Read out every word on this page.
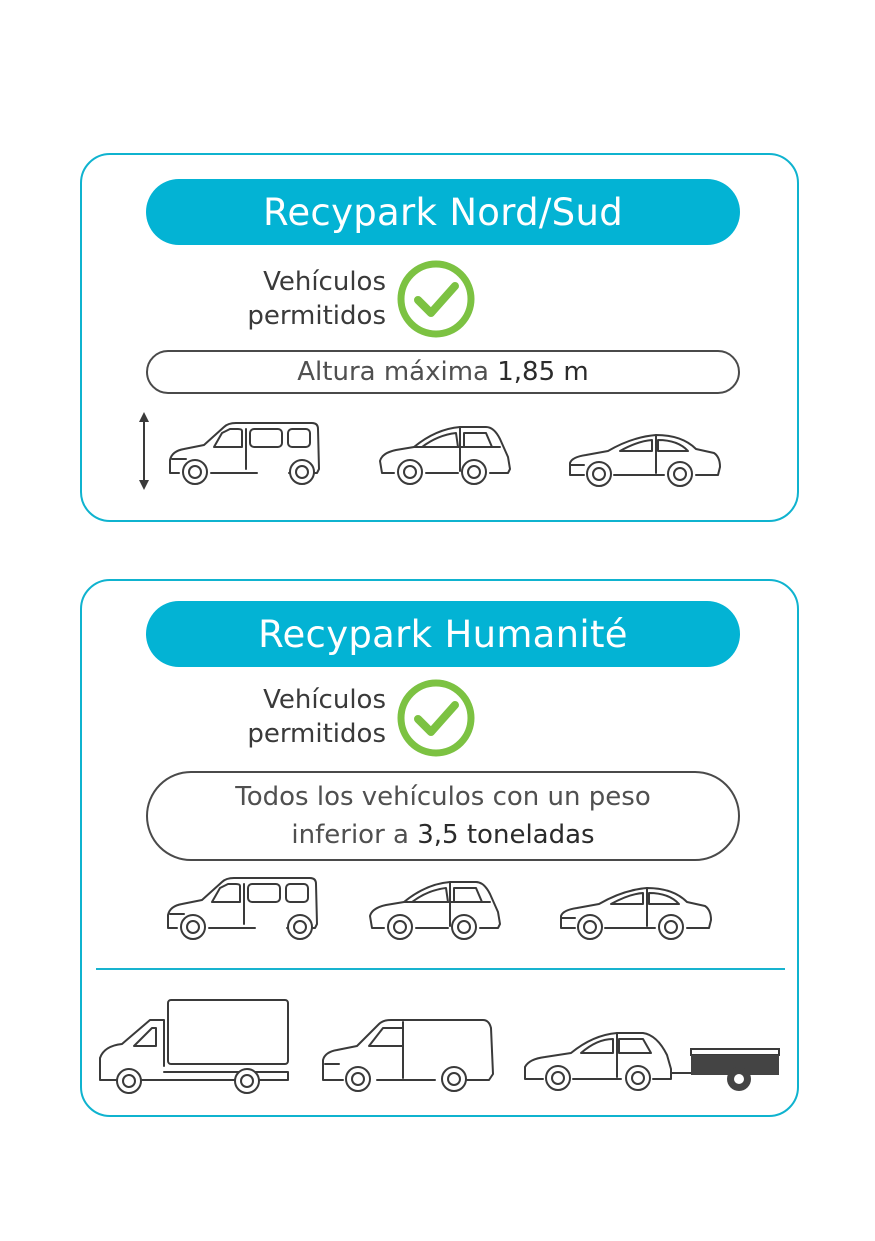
Recypark Nord/Sud
Vehículos
permitidos
Altura máxima 1,85 m
Recypark Humanité
Vehículos
permitidos
Todos los vehículos con un peso
inferior a 3,5 toneladas
